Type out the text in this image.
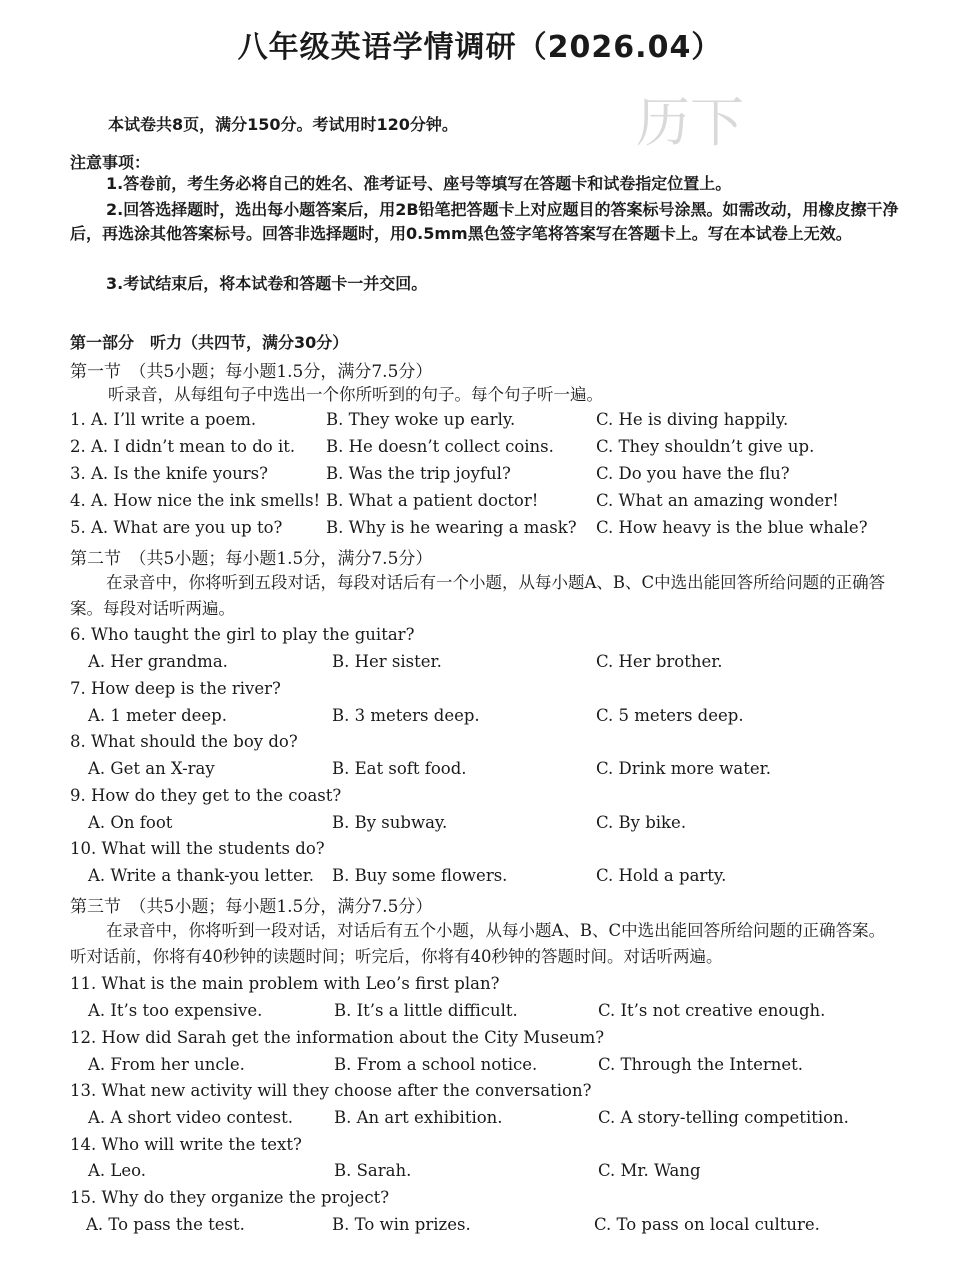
八年级英语学情调研（2026.04）
历下
本试卷共8页，满分150分。考试用时120分钟。
注意事项：
1.答卷前，考生务必将自己的姓名、准考证号、座号等填写在答题卡和试卷指定位置上。
2.回答选择题时，选出每小题答案后，用2B铅笔把答题卡上对应题目的答案标号涂黑。如需改动，用橡皮擦干净后，再选涂其他答案标号。回答非选择题时，用0.5mm黑色签字笔将答案写在答题卡上。写在本试卷上无效。
3.考试结束后，将本试卷和答题卡一并交回。
第一部分　听力（共四节，满分30分）
第一节　（共5小题；每小题1.5分，满分7.5分）
听录音，从每组句子中选出一个你所听到的句子。每个句子听一遍。
1. A. I’ll write a poem.	B. They woke up early.	C. He is diving happily.
2. A. I didn’t mean to do it. B. He doesn’t collect coins.	C. They shouldn’t give up.
3. A. Is the knife yours?	B. Was the trip joyful?	C. Do you have the flu?
4. A. How nice the ink smells! B. What a patient doctor!	C. What an amazing wonder!
5. A. What are you up to?	B. Why is he wearing a mask? C. How heavy is the blue whale?
第二节　（共5小题；每小题1.5分，满分7.5分）
在录音中，你将听到五段对话，每段对话后有一个小题，从每小题A、B、C中选出能回答所给问题的正确答案。每段对话听两遍。
6. Who taught the girl to play the guitar?
A. Her grandma.	B. Her sister.	C. Her brother.
7. How deep is the river?
A. 1 meter deep.	B. 3 meters deep.	C. 5 meters deep.
8. What should the boy do?
A. Get an X-ray	B. Eat soft food.	C. Drink more water.
9. How do they get to the coast?
A. On foot	B. By subway.	C. By bike.
10. What will the students do?
A. Write a thank-you letter. B. Buy some flowers.	C. Hold a party.
第三节　（共5小题；每小题1.5分，满分7.5分）
在录音中，你将听到一段对话，对话后有五个小题，从每小题A、B、C中选出能回答所给问题的正确答案。听对话前，你将有40秒钟的读题时间；听完后，你将有40秒钟的答题时间。对话听两遍。
11. What is the main problem with Leo’s first plan?
A. It’s too expensive.	B. It’s a little difficult.	C. It’s not creative enough.
12. How did Sarah get the information about the City Museum?
A. From her uncle.	B. From a school notice.	C. Through the Internet.
13. What new activity will they choose after the conversation?
A. A short video contest. B. An art exhibition.	C. A story-telling competition.
14. Who will write the text?
A. Leo.	B. Sarah.	C. Mr. Wang
15. Why do they organize the project?
A. To pass the test.	B. To win prizes.	C. To pass on local culture.
